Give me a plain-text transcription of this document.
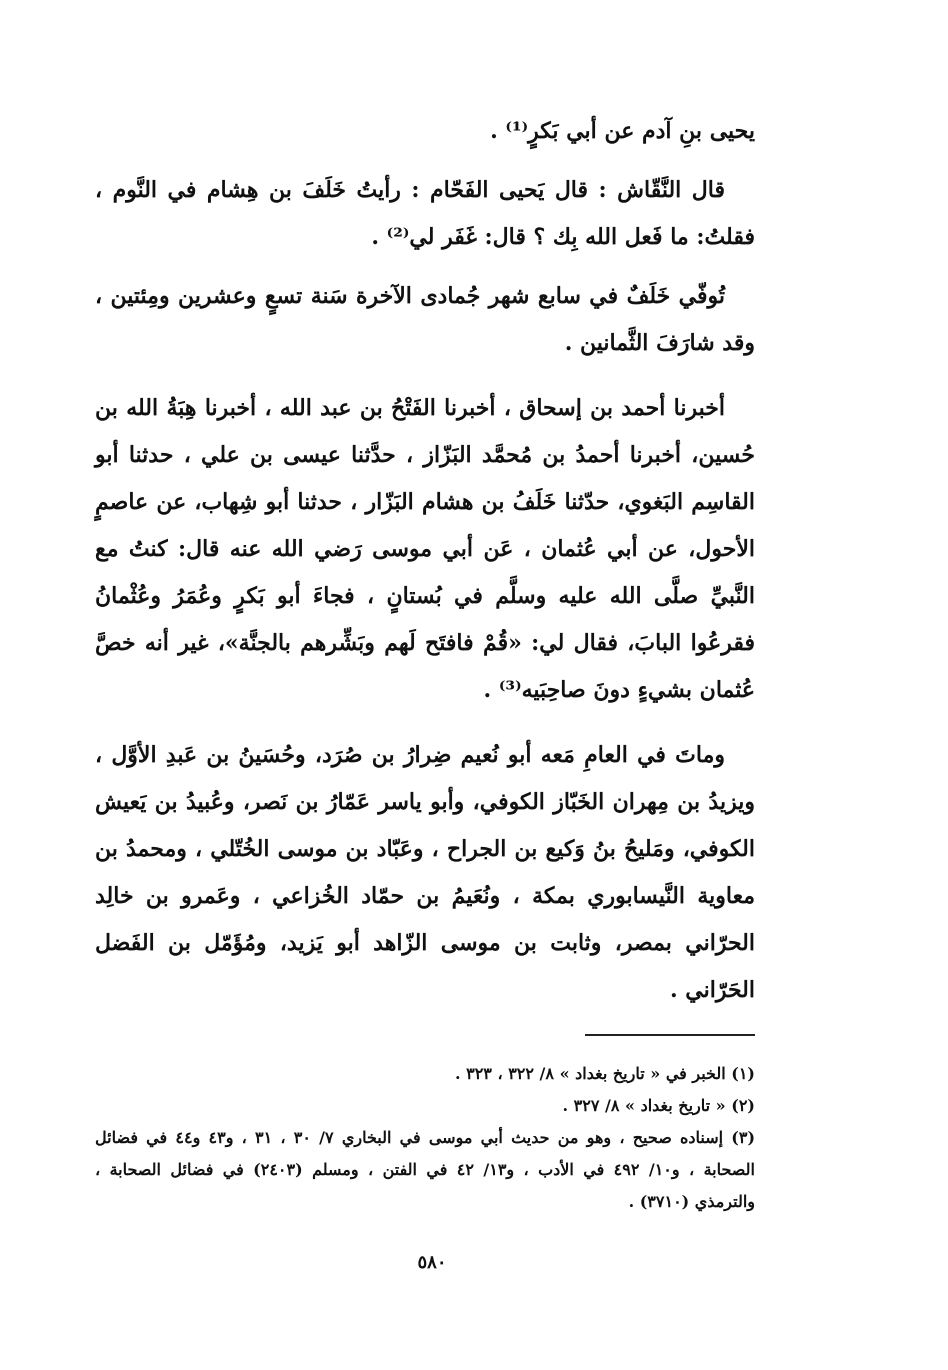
يحيى بنِ آدم عن أبي بَكرٍ⁽¹⁾ .

قال النَّقّاش : قال يَحيى الفَحّام : رأيتُ خَلَفَ بن هِشام في النَّوم ، فقلتُ: ما فَعل الله بِك ؟ قال: غَفَر لي⁽²⁾ .

تُوفّي خَلَفٌ في سابع شهر جُمادى الآخرة سَنة تسعٍ وعشرين ومِئتين ، وقد شارَفَ الثَّمانين .

أخبرنا أحمد بن إسحاق ، أخبرنا الفَتْحُ بن عبد الله ، أخبرنا هِبَةُ الله بن حُسين، أخبرنا أحمدُ بن مُحمَّد البَزّاز ، حدَّثنا عيسى بن علي ، حدثنا أبو القاسِم البَغوي، حدّثنا خَلَفُ بن هشام البَزّار ، حدثنا أبو شِهاب، عن عاصمٍ الأحول، عن أبي عُثمان ، عَن أبي موسى رَضي الله عنه قال: كنتُ مع النَّبيِّ صلَّى الله عليه وسلَّم في بُستانٍ ، فجاءَ أبو بَكرٍ وعُمَرُ وعُثْمانُ فقرعُوا البابَ، فقال لي: «قُمْ فافتَح لَهم وبَشِّرهم بالجنَّة»، غير أنه خصَّ عُثمان بشيءٍ دونَ صاحِبَيه⁽³⁾ .

وماتَ في العامِ مَعه أبو نُعيم ضِرارُ بن صُرَد، وحُسَينُ بن عَبدِ الأوَّل ، ويزيدُ بن مِهران الخَبّاز الكوفي، وأبو ياسر عَمّارُ بن نَصر، وعُبيدُ بن يَعيش الكوفي، ومَليحُ بنُ وَكيع بن الجراح ، وعَبّاد بن موسى الخُتّلي ، ومحمدُ بن معاوية النَّيسابوري بمكة ، ونُعَيمُ بن حمّاد الخُزاعي ، وعَمرو بن خالِد الحرّاني بمصر، وثابت بن موسى الزّاهد أبو يَزيد، ومُؤَمّل بن الفَضل الحَرّاني .

(١) الخبر في « تاريخ بغداد » ٨/ ٣٢٢ ، ٣٢٣ .

(٢) « تاريخ بغداد » ٨/ ٣٢٧ .

(٣) إسناده صحيح ، وهو من حديث أبي موسى في البخاري ٧/ ٣٠ ، ٣١ ، و٤٣ و٤٤ في فضائل الصحابة ، و١٠/ ٤٩٢ في الأدب ، و١٣/ ٤٢ في الفتن ، ومسلم (٢٤٠٣) في فضائل الصحابة ، والترمذي (٣٧١٠) .

٥٨٠
